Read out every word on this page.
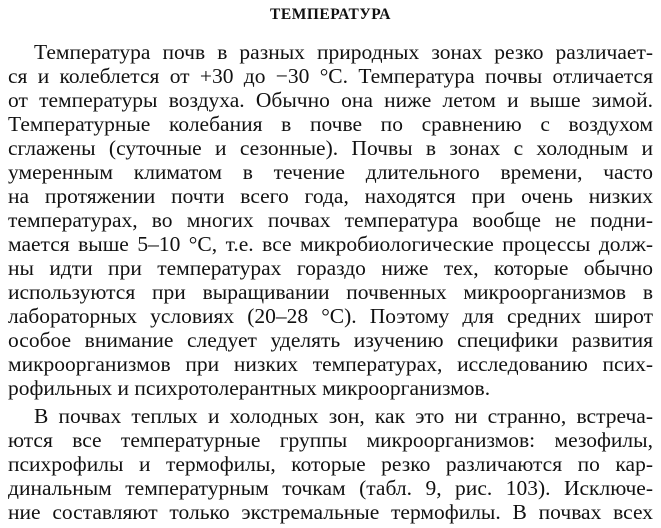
ТЕМПЕРАТУРА
Температура почв в разных природных зонах резко различает-
ся и колеблется от +30 до −30 °С. Температура почвы отличается
от температуры воздуха. Обычно она ниже летом и выше зимой.
Температурные колебания в почве по сравнению с воздухом
сглажены (суточные и сезонные). Почвы в зонах с холодным и
умеренным климатом в течение длительного времени, часто
на протяжении почти всего года, находятся при очень низких
температурах, во многих почвах температура вообще не подни-
мается выше 5–10 °С, т.е. все микробиологические процессы долж-
ны идти при температурах гораздо ниже тех, которые обычно
используются при выращивании почвенных микроорганизмов в
лабораторных условиях (20–28 °С). Поэтому для средних широт
особое внимание следует уделять изучению специфики развития
микроорганизмов при низких температурах, исследованию псих-
рофильных и психротолерантных микроорганизмов.
В почвах теплых и холодных зон, как это ни странно, встреча-
ются все температурные группы микроорганизмов: мезофилы,
психрофилы и термофилы, которые резко различаются по кар-
динальным температурным точкам (табл. 9, рис. 103). Исключе-
ние составляют только экстремальные термофилы. В почвах всех
